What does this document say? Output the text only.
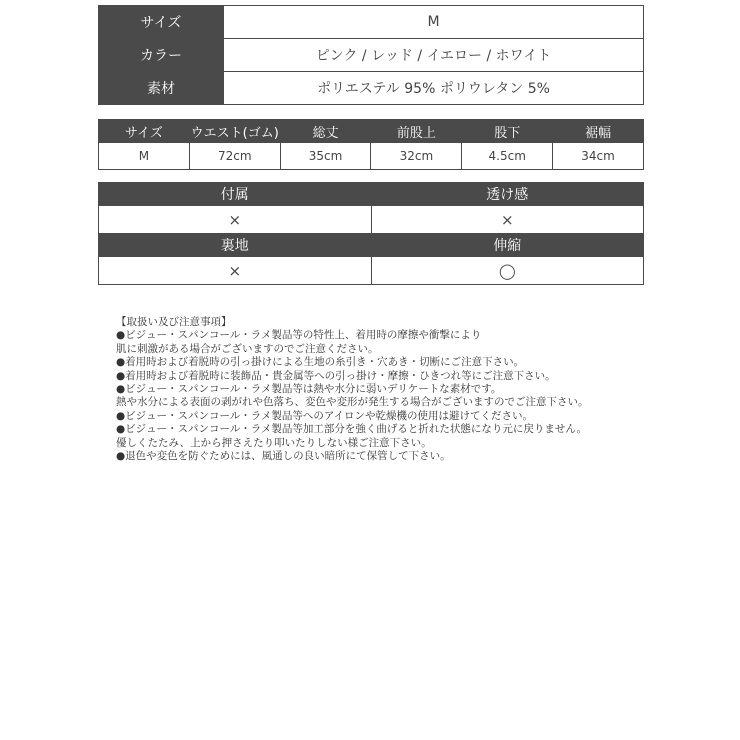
サイズ	M
カラー	ピンク / レッド / イエロー / ホワイト
素材	ポリエステル 95% ポリウレタン 5%
サイズ	ウエスト(ゴム)	総丈	前股上	股下	裾幅
M	72cm	35cm	32cm	4.5cm	34cm
付属	透け感
×	×
裏地	伸縮
×	◯
【取扱い及び注意事項】
●ビジュー・スパンコール・ラメ製品等の特性上、着用時の摩擦や衝撃により
肌に刺激がある場合がございますのでご注意ください。
●着用時および着脱時の引っ掛けによる生地の糸引き・穴あき・切断にご注意下さい。
●着用時および着脱時に装飾品・貴金属等への引っ掛け・摩擦・ひきつれ等にご注意下さい。
●ビジュー・スパンコール・ラメ製品等は熱や水分に弱いデリケートな素材です。
熱や水分による表面の剥がれや色落ち、変色や変形が発生する場合がございますのでご注意下さい。
●ビジュー・スパンコール・ラメ製品等へのアイロンや乾燥機の使用は避けてください。
●ビジュー・スパンコール・ラメ製品等加工部分を強く曲げると折れた状態になり元に戻りません。
優しくたたみ、上から押さえたり叩いたりしない様ご注意下さい。
●退色や変色を防ぐためには、風通しの良い暗所にて保管して下さい。
